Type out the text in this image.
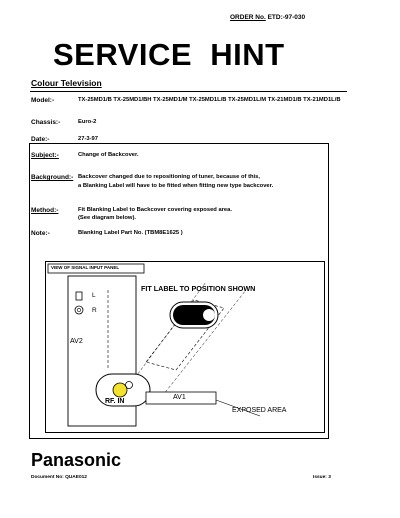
ORDER No. ETD:-97-030
SERVICE  HINT
Colour Television
Model:-	TX-25MD1/B TX-25MD1/BH TX-25MD1/M TX-25MD1L/B TX-25MD1L/M TX-21MD1/B TX-21MD1L/B
Chassis:-	Euro-2
Date:-	27-3-97
Subject:-	Change of Backcover.
Background:- Backcover changed due to repositioning of tuner, because of this,
a Blanking Label will have to be fitted when fitting new type backcover.
Method:-	Fit Blanking Label to Backcover covering exposed area.
(See diagram below).
Note:-	Blanking Label Part No. (TBM8E1625 )
VIEW OF SIGNAL INPUT PANEL
FIT LABEL TO POSITION SHOWN
L
R
AV2
RF. IN
AV1
EXPOSED AREA
Panasonic
Document No: QUAE012	Issue: 3
